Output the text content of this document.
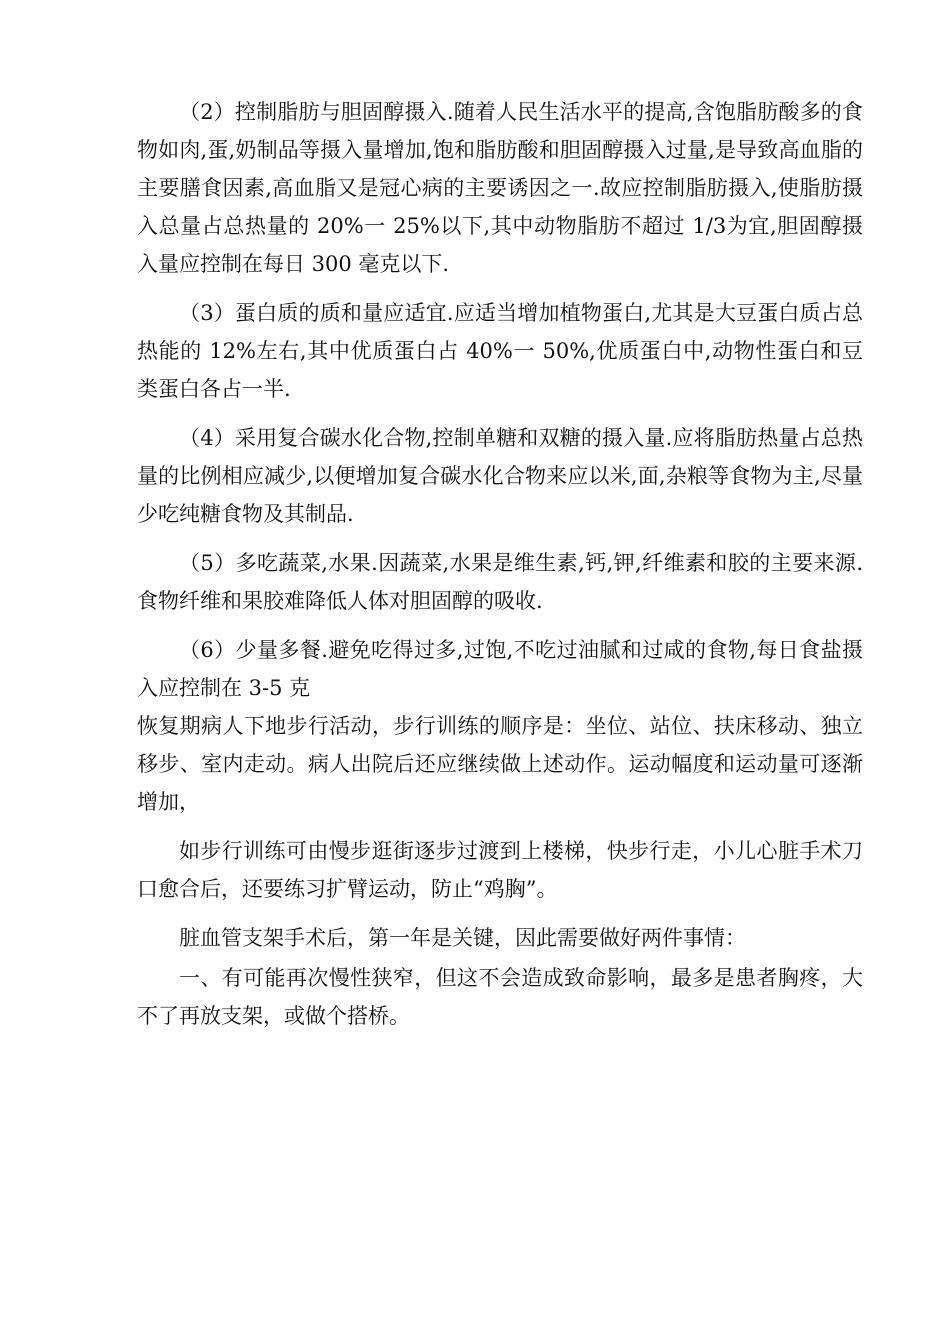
（2）控制脂肪与胆固醇摄入.随着人民生活水平的提高,含饱脂肪酸多的食物如肉,蛋,奶制品等摄入量增加,饱和脂肪酸和胆固醇摄入过量,是导致高血脂的主要膳食因素,高血脂又是冠心病的主要诱因之一.故应控制脂肪摄入,使脂肪摄入总量占总热量的 20%一 25%以下,其中动物脂肪不超过 1/3为宜,胆固醇摄入量应控制在每日 300 毫克以下.

（3）蛋白质的质和量应适宜.应适当增加植物蛋白,尤其是大豆蛋白质占总热能的 12%左右,其中优质蛋白占 40%一 50%,优质蛋白中,动物性蛋白和豆类蛋白各占一半.

（4）采用复合碳水化合物,控制单糖和双糖的摄入量.应将脂肪热量占总热量的比例相应减少,以便增加复合碳水化合物来应以米,面,杂粮等食物为主,尽量少吃纯糖食物及其制品.

（5）多吃蔬菜,水果.因蔬菜,水果是维生素,钙,钾,纤维素和胶的主要来源.食物纤维和果胶难降低人体对胆固醇的吸收.

（6）少量多餐.避免吃得过多,过饱,不吃过油腻和过咸的食物,每日食盐摄入应控制在 3-5 克

恢复期病人下地步行活动，步行训练的顺序是：坐位、站位、扶床移动、独立移步、室内走动。病人出院后还应继续做上述动作。运动幅度和运动量可逐渐增加，

如步行训练可由慢步逛街逐步过渡到上楼梯，快步行走，小儿心脏手术刀口愈合后，还要练习扩臂运动，防止“鸡胸”。

脏血管支架手术后，第一年是关键，因此需要做好两件事情：

一、有可能再次慢性狭窄，但这不会造成致命影响，最多是患者胸疼，大不了再放支架，或做个搭桥。
